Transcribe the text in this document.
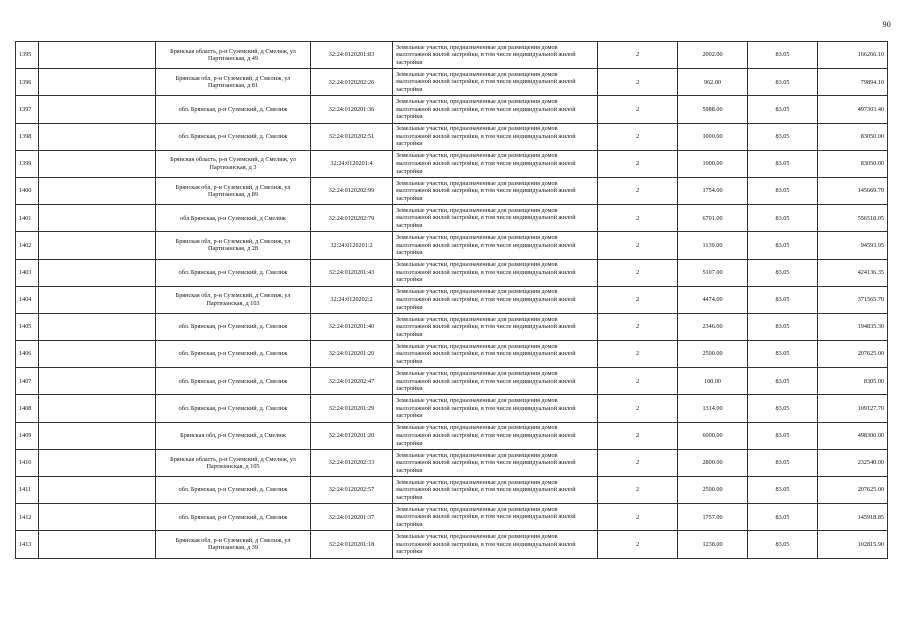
90
1395		Брянская область, р-н Суземский, д Смелиж, ул Партизанская, д 49	32:24:0120201:83	Земельные участки, предназначенные для размещения домов малоэтажной жилой застройки, в том числе индивидуальной жилой застройки	2	2002.00	83.05	166266.10
1396		Брянская обл, р-н Суземский, д Смелиж, ул Партизанская, д 81	32:24:0120202:26	Земельные участки, предназначенные для размещения домов малоэтажной жилой застройки, в том числе индивидуальной жилой застройки	2	962.00	83.05	79894.10
1397		обл. Брянская, р-н Суземский, д. Смелиж	32:24:0120201:36	Земельные участки, предназначенные для размещения домов малоэтажной жилой застройки, в том числе индивидуальной жилой застройки	2	5988.00	83.05	497303.40
1398		обл. Брянская, р-н Суземский, д. Смелиж	32:24:0120202:51	Земельные участки, предназначенные для размещения домов малоэтажной жилой застройки, в том числе индивидуальной жилой застройки	2	1000.00	83.05	83050.00
1399		Брянская область, р-н Суземский, д Смелиж, ул Партизанская, д 3	32:24:0120201:4	Земельные участки, предназначенные для размещения домов малоэтажной жилой застройки, в том числе индивидуальной жилой застройки	2	1000.00	83.05	83050.00
1400		Брянская обл, р-н Суземский, д Смелиж, ул Партизанская, д 89	32:24:0120202:99	Земельные участки, предназначенные для размещения домов малоэтажной жилой застройки, в том числе индивидуальной жилой застройки	2	1754.00	83.05	145669.70
1401		обл Брянская, р-н Суземский, д Смелиж	32:24:0120202:79	Земельные участки, предназначенные для размещения домов малоэтажной жилой застройки, в том числе индивидуальной жилой застройки	2	6701.00	83.05	556518.05
1402		Брянская обл, р-н Суземский, д Смелиж, ул Партизанская, д 28	32:24:0120201:2	Земельные участки, предназначенные для размещения домов малоэтажной жилой застройки, в том числе индивидуальной жилой застройки	2	1139.00	83.05	94593.95
1403		обл. Брянская, р-н Суземский, д. Смелиж	32:24:0120201:43	Земельные участки, предназначенные для размещения домов малоэтажной жилой застройки, в том числе индивидуальной жилой застройки	2	5107.00	83.05	424136.35
1404		Брянская обл, р-н Суземский, д Смелиж, ул Партизанская, д 103	32:24:0120202:2	Земельные участки, предназначенные для размещения домов малоэтажной жилой застройки, в том числе индивидуальной жилой застройки	2	4474.00	83.05	371565.70
1405		обл. Брянская, р-н Суземский, д. Смелиж	32:24:0120201:40	Земельные участки, предназначенные для размещения домов малоэтажной жилой застройки, в том числе индивидуальной жилой застройки	2	2346.00	83.05	194835.30
1406		обл. Брянская, р-н Суземский, д. Смелиж	32:24:0120201:20	Земельные участки, предназначенные для размещения домов малоэтажной жилой застройки, в том числе индивидуальной жилой застройки	2	2500.00	83.05	207625.00
1407		обл. Брянская, р-н Суземский, д. Смелиж	32:24:0120202:47	Земельные участки, предназначенные для размещения домов малоэтажной жилой застройки, в том числе индивидуальной жилой застройки	2	100.00	83.05	8305.00
1408		обл. Брянская, р-н Суземский, д. Смелиж	32:24:0120201:29	Земельные участки, предназначенные для размещения домов малоэтажной жилой застройки, в том числе индивидуальной жилой застройки	2	1314.00	83.05	109127.70
1409		Брянская обл, р-н Суземский, д Смелиж	32:24:0120201:20	Земельные участки, предназначенные для размещения домов малоэтажной жилой застройки, в том числе индивидуальной жилой застройки	2	6000.00	83.05	498300.00
1410		Брянская область, р-н Суземский, д Смелиж, ул Партизанская, д 105	32:24:0120202:33	Земельные участки, предназначенные для размещения домов малоэтажной жилой застройки, в том числе индивидуальной жилой застройки	2	2800.00	83.05	232540.00
1411		обл. Брянская, р-н Суземский, д. Смелиж	32:24:0120202:57	Земельные участки, предназначенные для размещения домов малоэтажной жилой застройки, в том числе индивидуальной жилой застройки	2	2500.00	83.05	207625.00
1412		обл. Брянская, р-н Суземский, д. Смелиж	32:24:0120201:37	Земельные участки, предназначенные для размещения домов малоэтажной жилой застройки, в том числе индивидуальной жилой застройки	2	1757.00	83.05	145918.85
1413		Брянская обл, р-н Суземский, д Смелиж, ул Партизанская, д 39	32:24:0120201:18	Земельные участки, предназначенные для размещения домов малоэтажной жилой застройки, в том числе индивидуальной жилой застройки	2	1238.00	83.05	102815.90
